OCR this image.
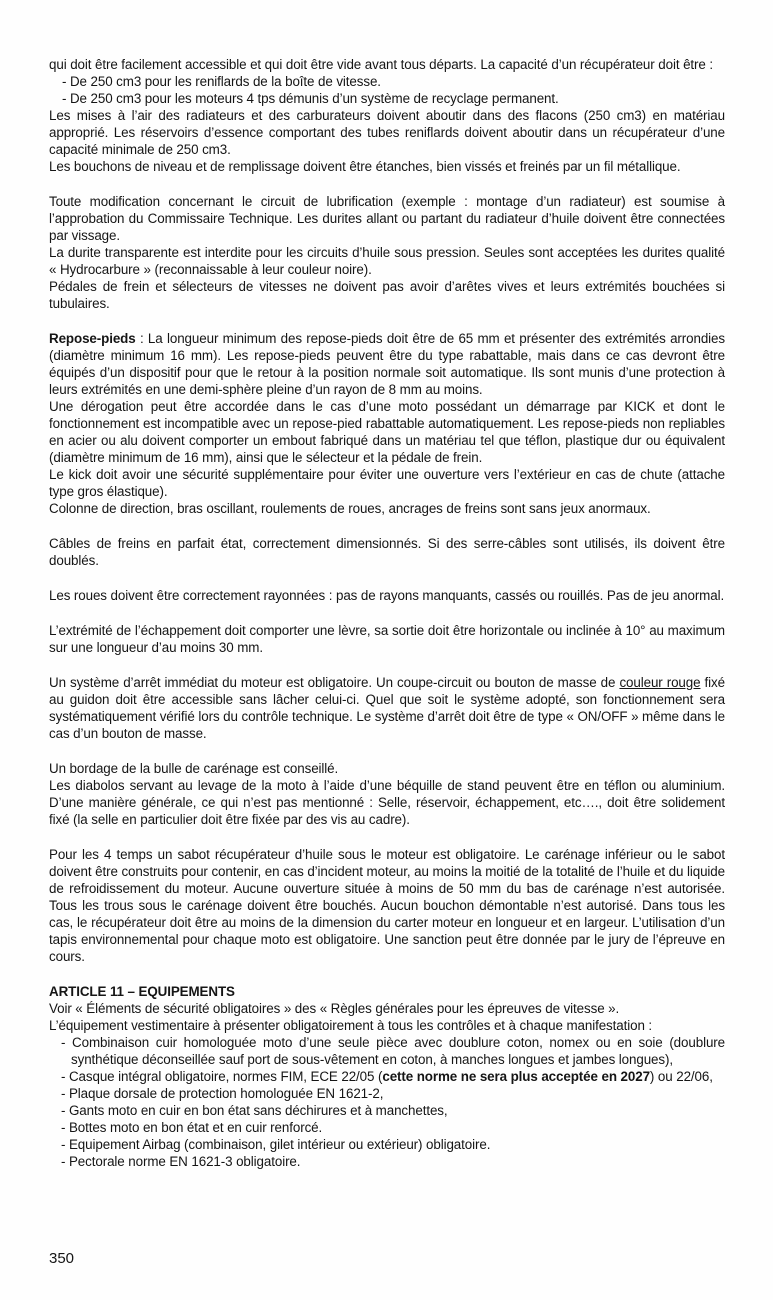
qui doit être facilement accessible et qui doit être vide avant tous départs. La capacité d’un récupérateur doit être :
- De 250 cm3 pour les reniflards de la boîte de vitesse.
- De 250 cm3 pour les moteurs 4 tps démunis d’un système de recyclage permanent.
Les mises à l’air des radiateurs et des carburateurs doivent aboutir dans des flacons (250 cm3) en matériau approprié. Les réservoirs d’essence comportant des tubes reniflards doivent aboutir dans un récupérateur d’une capacité minimale de 250 cm3.
Les bouchons de niveau et de remplissage doivent être étanches, bien vissés et freinés par un fil métallique.
Toute modification concernant le circuit de lubrification (exemple : montage d’un radiateur) est soumise à l’approbation du Commissaire Technique. Les durites allant ou partant du radiateur d’huile doivent être connectées par vissage.
La durite transparente est interdite pour les circuits d’huile sous pression. Seules sont acceptées les durites qualité « Hydrocarbure » (reconnaissable à leur couleur noire).
Pédales de frein et sélecteurs de vitesses ne doivent pas avoir d’arêtes vives et leurs extrémités bouchées si tubulaires.
Repose-pieds : La longueur minimum des repose-pieds doit être de 65 mm et présenter des extrémités arrondies (diamètre minimum 16 mm). Les repose-pieds peuvent être du type rabattable, mais dans ce cas devront être équipés d’un dispositif pour que le retour à la position normale soit automatique. Ils sont munis d’une protection à leurs extrémités en une demi-sphère pleine d’un rayon de 8 mm au moins.
Une dérogation peut être accordée dans le cas d’une moto possédant un démarrage par KICK et dont le fonctionnement est incompatible avec un repose-pied rabattable automatiquement. Les repose-pieds non repliables en acier ou alu doivent comporter un embout fabriqué dans un matériau tel que téflon, plastique dur ou équivalent (diamètre minimum de 16 mm), ainsi que le sélecteur et la pédale de frein.
Le kick doit avoir une sécurité supplémentaire pour éviter une ouverture vers l’extérieur en cas de chute (attache type gros élastique).
Colonne de direction, bras oscillant, roulements de roues, ancrages de freins sont sans jeux anormaux.
Câbles de freins en parfait état, correctement dimensionnés. Si des serre-câbles sont utilisés, ils doivent être doublés.
Les roues doivent être correctement rayonnées : pas de rayons manquants, cassés ou rouillés. Pas de jeu anormal.
L’extrémité de l’échappement doit comporter une lèvre, sa sortie doit être horizontale ou inclinée à 10° au maximum sur une longueur d’au moins 30 mm.
Un système d’arrêt immédiat du moteur est obligatoire. Un coupe-circuit ou bouton de masse de couleur rouge fixé au guidon doit être accessible sans lâcher celui-ci. Quel que soit le système adopté, son fonctionnement sera systématiquement vérifié lors du contrôle technique. Le système d’arrêt doit être de type « ON/OFF » même dans le cas d’un bouton de masse.
Un bordage de la bulle de carénage est conseillé.
Les diabolos servant au levage de la moto à l’aide d’une béquille de stand peuvent être en téflon ou aluminium. D’une manière générale, ce qui n’est pas mentionné : Selle, réservoir, échappement, etc…., doit être solidement fixé (la selle en particulier doit être fixée par des vis au cadre).
Pour les 4 temps un sabot récupérateur d’huile sous le moteur est obligatoire. Le carénage inférieur ou le sabot doivent être construits pour contenir, en cas d’incident moteur, au moins la moitié de la totalité de l’huile et du liquide de refroidissement du moteur. Aucune ouverture située à moins de 50 mm du bas de carénage n’est autorisée. Tous les trous sous le carénage doivent être bouchés. Aucun bouchon démontable n’est autorisé. Dans tous les cas, le récupérateur doit être au moins de la dimension du carter moteur en longueur et en largeur. L’utilisation d’un tapis environnemental pour chaque moto est obligatoire. Une sanction peut être donnée par le jury de l’épreuve en cours.
ARTICLE 11 – EQUIPEMENTS
Voir « Éléments de sécurité obligatoires » des « Règles générales pour les épreuves de vitesse ».
L’équipement vestimentaire à présenter obligatoirement à tous les contrôles et à chaque manifestation :
- Combinaison cuir homologuée moto d’une seule pièce avec doublure coton, nomex ou en soie (doublure synthétique déconseillée sauf port de sous-vêtement en coton, à manches longues et jambes longues),
- Casque intégral obligatoire, normes FIM, ECE 22/05 (cette norme ne sera plus acceptée en 2027) ou 22/06,
- Plaque dorsale de protection homologuée EN 1621-2,
- Gants moto en cuir en bon état sans déchirures et à manchettes,
- Bottes moto en bon état et en cuir renforcé.
- Equipement Airbag (combinaison, gilet intérieur ou extérieur) obligatoire.
- Pectorale norme EN 1621-3 obligatoire.
350
